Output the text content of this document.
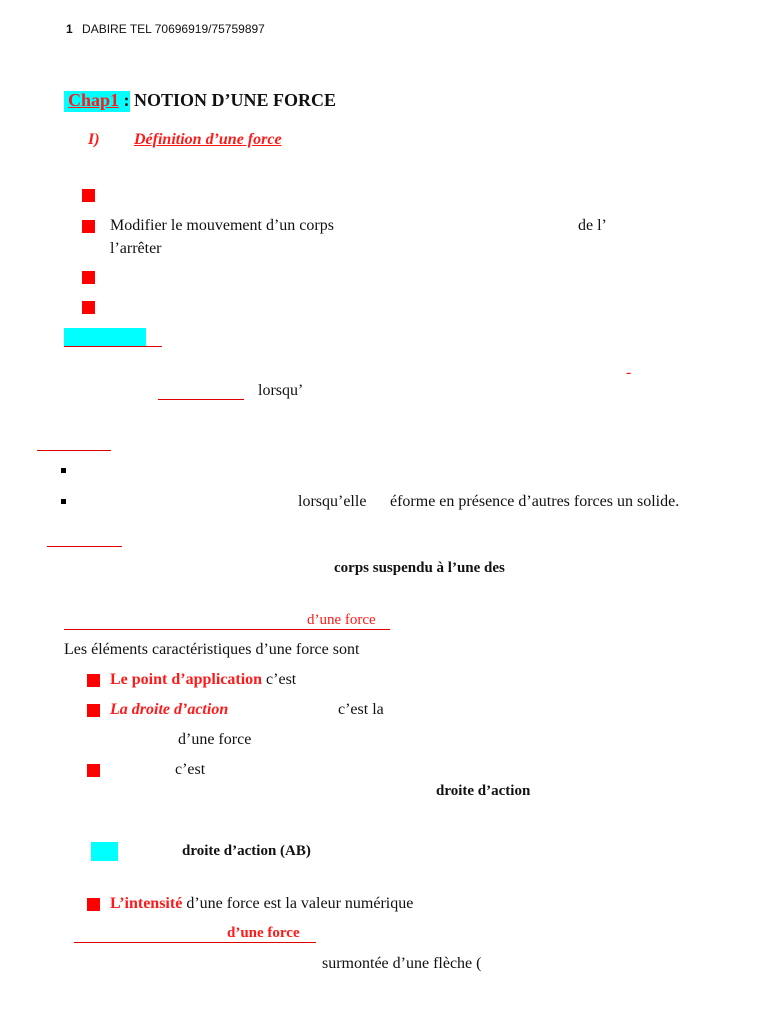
1 DABIRE TEL 70696919/75759897
Chap1 : NOTION D’UNE FORCE
I) Définition d’une force
Modifier le mouvement d’un corps	de l’
l’arrêter
-
lorsqu’
lorsqu’elle éforme en présence d’autres forces un solide.
corps suspendu à l’une des
d’une force
Les éléments caractéristiques d’une force sont
Le point d’application c’est
La droite d’action	c’est la
d’une force
c’est
droite d’action
droite d’action (AB)
L’intensité d’une force est la valeur numérique
d’une force
surmontée d’une flèche (
